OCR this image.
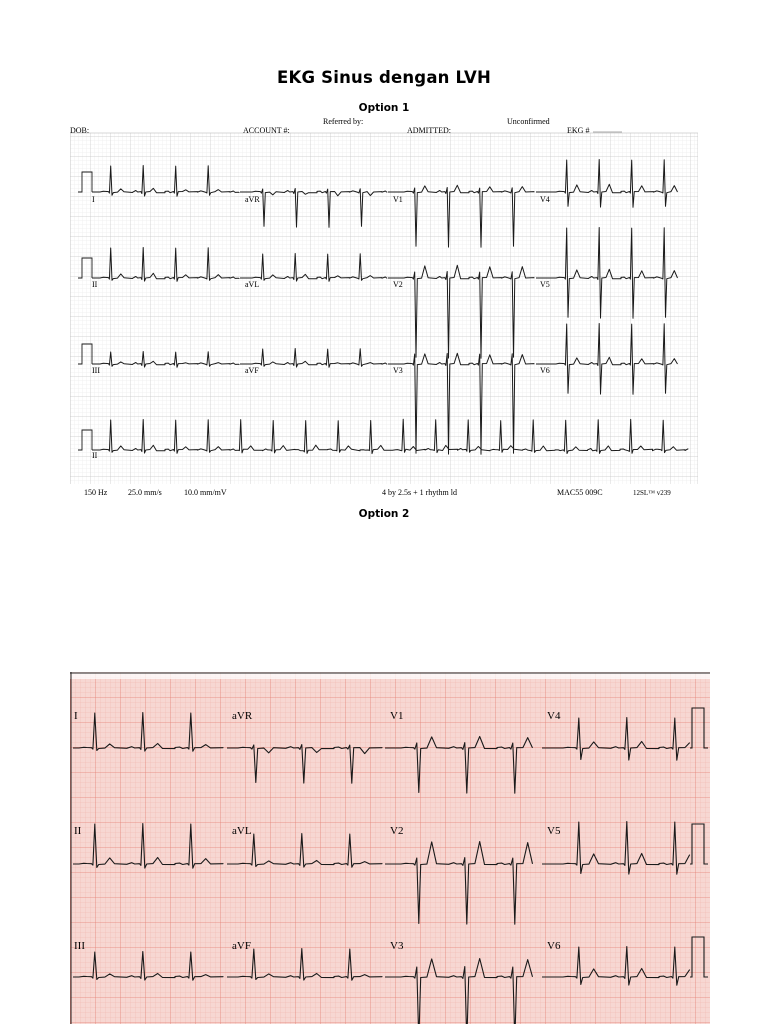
EKG Sinus dengan LVH
Option 1
Referred by:	Unconfirmed
DOB:	ACCOUNT #:	ADMITTED:	EKG #
I
II
III
II
aVR
aVL
aVF
V1
V2
V3
V4
V5
V6
150 Hz	25.0 mm/s	10.0 mm/mV	4 by 2.5s + 1 rhythm ld	MAC55 009C	12SL™ v239
Option 2
I
II
III
aVR
aVL
aVF
V1
V2
V3
V4
V5
V6
